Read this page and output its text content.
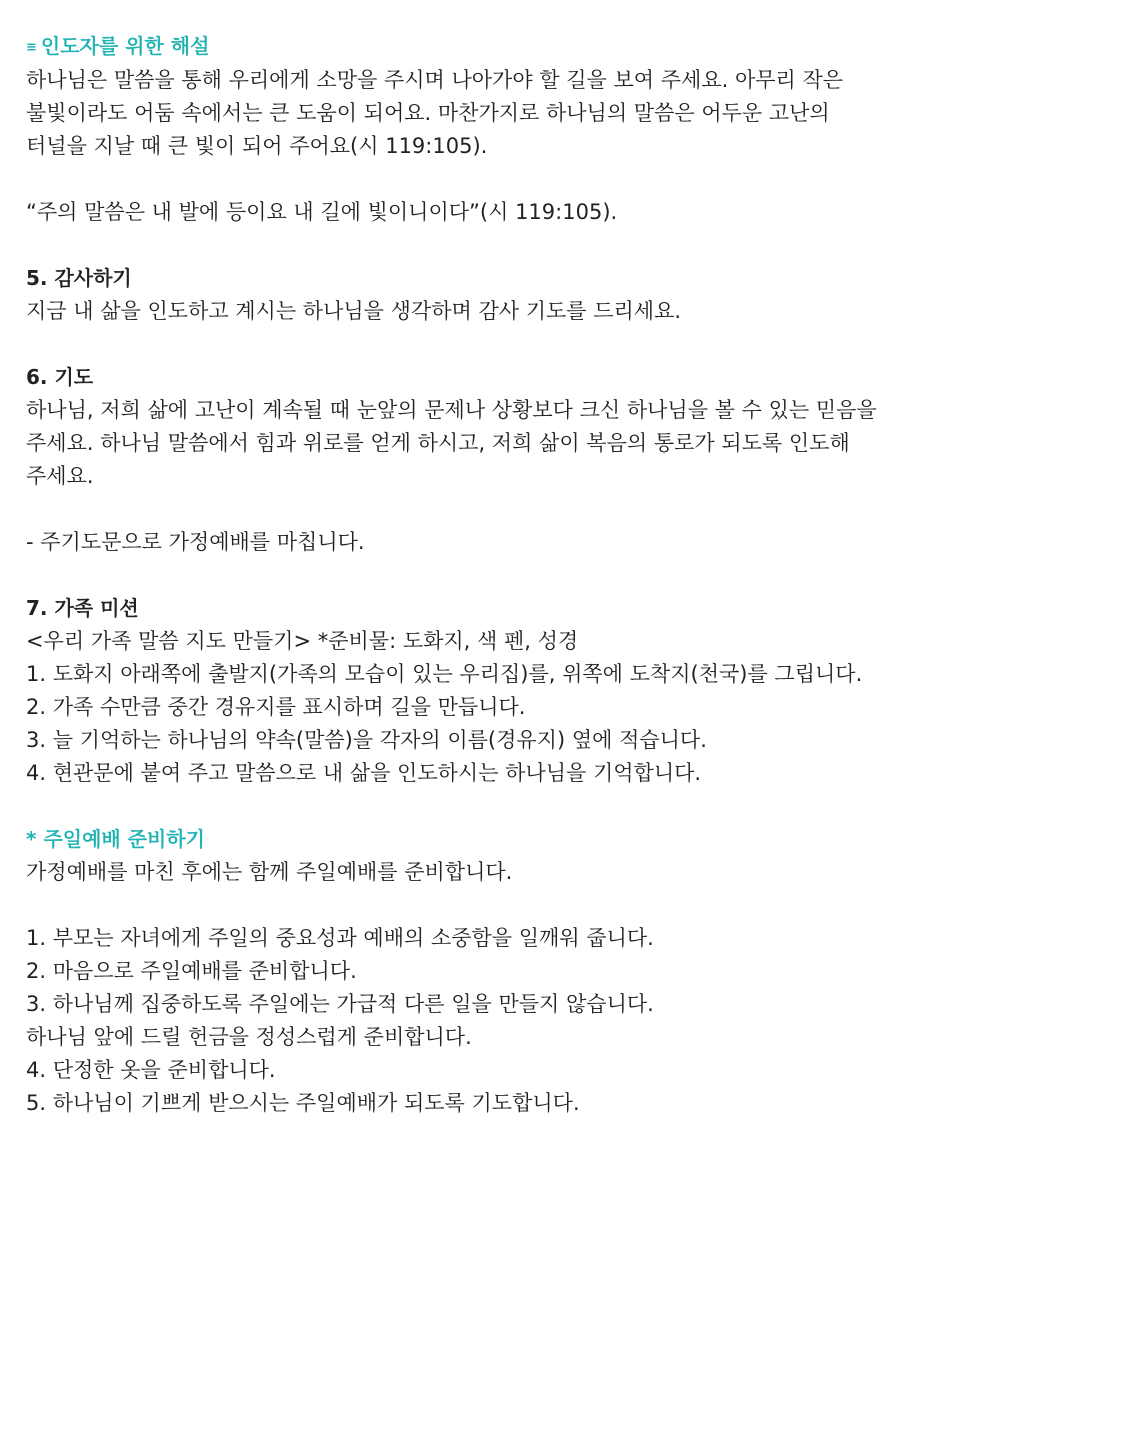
≡ 인도자를 위한 해설

하나님은 말씀을 통해 우리에게 소망을 주시며 나아가야 할 길을 보여 주세요. 아무리 작은

불빛이라도 어둠 속에서는 큰 도움이 되어요. 마찬가지로 하나님의 말씀은 어두운 고난의

터널을 지날 때 큰 빛이 되어 주어요(시 119:105).

“주의 말씀은 내 발에 등이요 내 길에 빛이니이다”(시 119:105).

5. 감사하기

지금 내 삶을 인도하고 계시는 하나님을 생각하며 감사 기도를 드리세요.

6. 기도

하나님, 저희 삶에 고난이 계속될 때 눈앞의 문제나 상황보다 크신 하나님을 볼 수 있는 믿음을

주세요. 하나님 말씀에서 힘과 위로를 얻게 하시고, 저희 삶이 복음의 통로가 되도록 인도해

주세요.

- 주기도문으로 가정예배를 마칩니다.

7. 가족 미션

<우리 가족 말씀 지도 만들기> *준비물: 도화지, 색 펜, 성경

1. 도화지 아래쪽에 출발지(가족의 모습이 있는 우리집)를, 위쪽에 도착지(천국)를 그립니다.

2. 가족 수만큼 중간 경유지를 표시하며 길을 만듭니다.

3. 늘 기억하는 하나님의 약속(말씀)을 각자의 이름(경유지) 옆에 적습니다.

4. 현관문에 붙여 주고 말씀으로 내 삶을 인도하시는 하나님을 기억합니다.

* 주일예배 준비하기

가정예배를 마친 후에는 함께 주일예배를 준비합니다.

1. 부모는 자녀에게 주일의 중요성과 예배의 소중함을 일깨워 줍니다.

2. 마음으로 주일예배를 준비합니다.

3. 하나님께 집중하도록 주일에는 가급적 다른 일을 만들지 않습니다.

하나님 앞에 드릴 헌금을 정성스럽게 준비합니다.

4. 단정한 옷을 준비합니다.

5. 하나님이 기쁘게 받으시는 주일예배가 되도록 기도합니다.
